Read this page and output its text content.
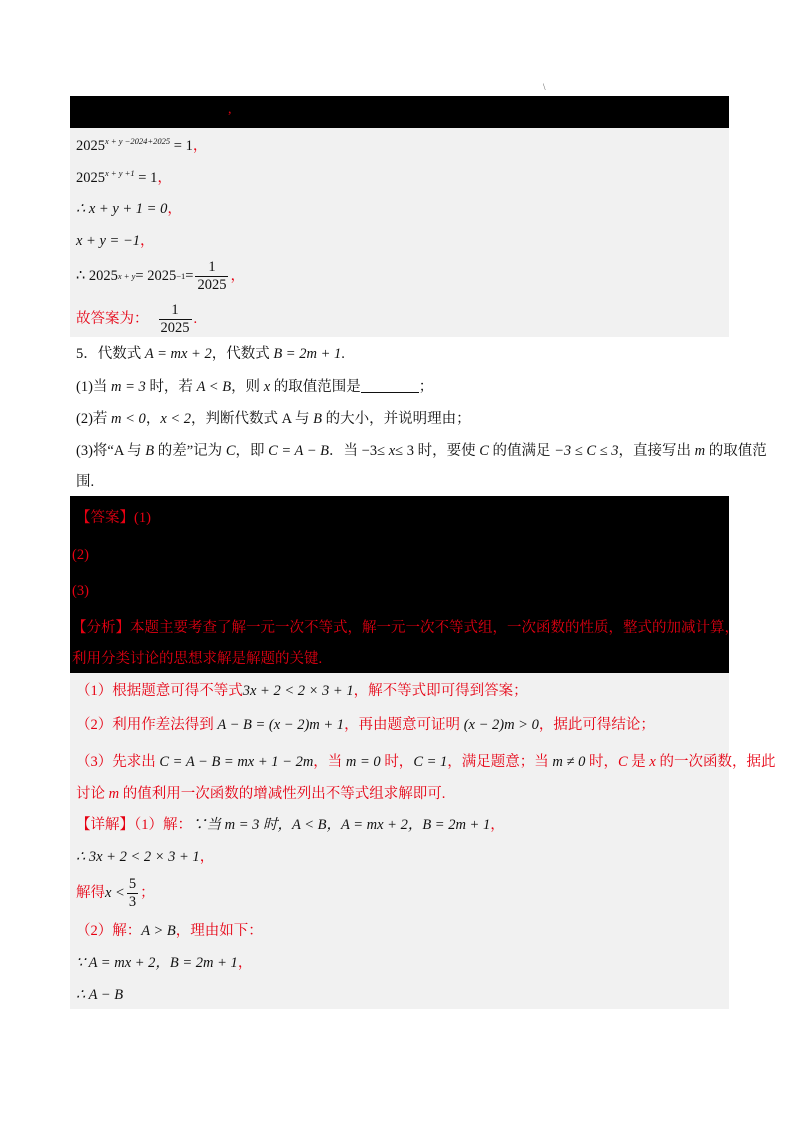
\
,
$2025^{x + y -2024+2025} = 1$，
$2025^{x + y +1} = 1$，
∴ x + y + 1 = 0，
x + y = −1，
∴ 2025 $x + y = 2025 -1 = \frac{1}{2025}$ ，
故答案为： $\frac{1}{2025}$ .
5．代数式 A = mx + 2，代数式 B = 2m + 1.
(1)当 m = 3 时，若 A < B，则 x 的取值范围是	；
(2)若 m < 0，x < 2，判断代数式 A 与 B 的大小，并说明理由；
(3)将“A 与 B 的差”记为 C，即 C = A − B．当 −3≤ x≤ 3 时，要使 C 的值满足 −3 ≤ C ≤ 3，直接写出 m 的取值范
围.
【答案】(1)
(2)
(3)
【分析】本题主要考查了解一元一次不等式，解一元一次不等式组，一次函数的性质，整式的加减计算，
利用分类讨论的思想求解是解题的关键.
（1）根据题意可得不等式3x + 2 < 2 × 3 + 1，解不等式即可得到答案；
（2）利用作差法得到 A − B = (x − 2)m + 1，再由题意可证明 (x − 2)m > 0，据此可得结论；
（3）先求出 C = A − B = mx + 1 − 2m，当 m = 0 时，C = 1，满足题意；当 m ≠ 0 时，C 是 x 的一次函数，据此
讨论 m 的值利用一次函数的增减性列出不等式组求解即可.
【详解】（1）解：∵当 m = 3 时，A < B，A = mx + 2，B = 2m + 1，
∴ 3x + 2 < 2 × 3 + 1，
解得 $x < \frac{5}{3}$ ；
（2）解：A > B，理由如下：
∵ A = mx + 2，B = 2m + 1，
∴ A − B
